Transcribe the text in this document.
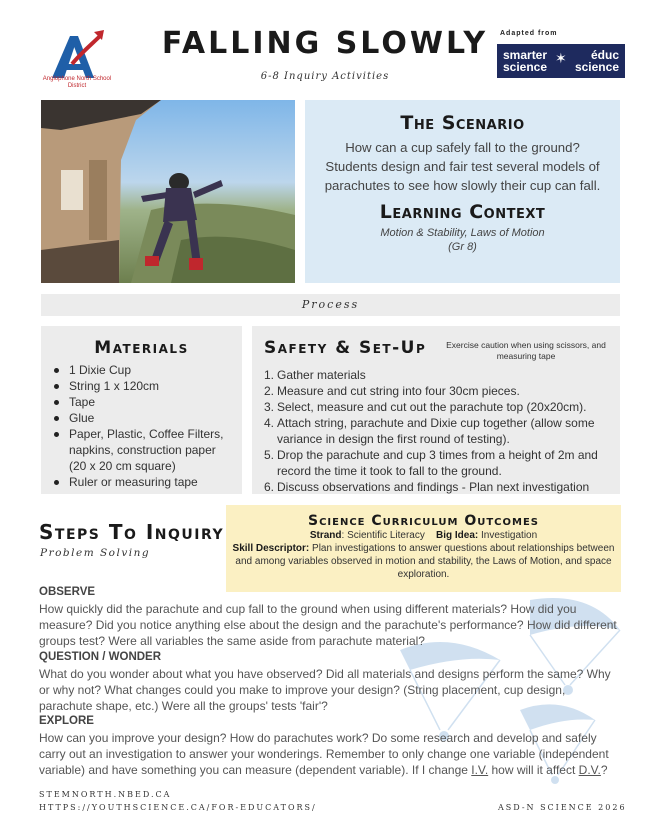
Anglophone North School District
FALLING SLOWLY
6-8 Inquiry Activities
Adapted from
smarter	éduc
science science
✶
The Scenario
How can a cup safely fall to the ground? Students design and fair test several models of parachutes to see how slowly their cup can fall.
Learning Context
Motion & Stability, Laws of Motion
(Gr 8)
Process
Materials
1 Dixie Cup
String 1 x 120cm
Tape
Glue
Paper, Plastic, Coffee Filters, napkins, construction paper (20 x 20 cm square)
Ruler or measuring tape
Safety & Set-Up	Exercise caution when using scissors, and measuring tape
1. Gather materials
2. Measure and cut string into four 30cm pieces.
3. Select, measure and cut out the parachute top (20x20cm).
4. Attach string, parachute and Dixie cup together (allow some variance in design the first round of testing).
5. Drop the parachute and cup 3 times from a height of 2m and record the time it took to fall to the ground.
6. Discuss observations and findings - Plan next investigation
Steps To Inquiry
Problem Solving
Science Curriculum Outcomes
Strand: Scientific Literacy Big Idea: Investigation
Skill Descriptor: Plan investigations to answer questions about relationships between and among variables observed in motion and stability, the Laws of Motion, and space exploration.
OBSERVE
How quickly did the parachute and cup fall to the ground when using different materials? How did you measure? Did you notice anything else about the design and the parachute's performance? How did different groups test? Were all variables the same aside from parachute material?
QUESTION / WONDER
What do you wonder about what you have observed? Did all materials and designs perform the same? Why or why not? What changes could you make to improve your design? (String placement, cup design, parachute shape, etc.) Were all the groups' tests 'fair'?
EXPLORE
How can you improve your design? How do parachutes work? Do some research and develop and safely carry out an investigation to answer your wonderings. Remember to only change one variable (independent variable) and have something you can measure (dependent variable). If I change I.V. how will it affect D.V.?
STEMNORTH.NBED.CA
HTTPS://YOUTHSCIENCE.CA/FOR-EDUCATORS/	ASD-N SCIENCE 2026
